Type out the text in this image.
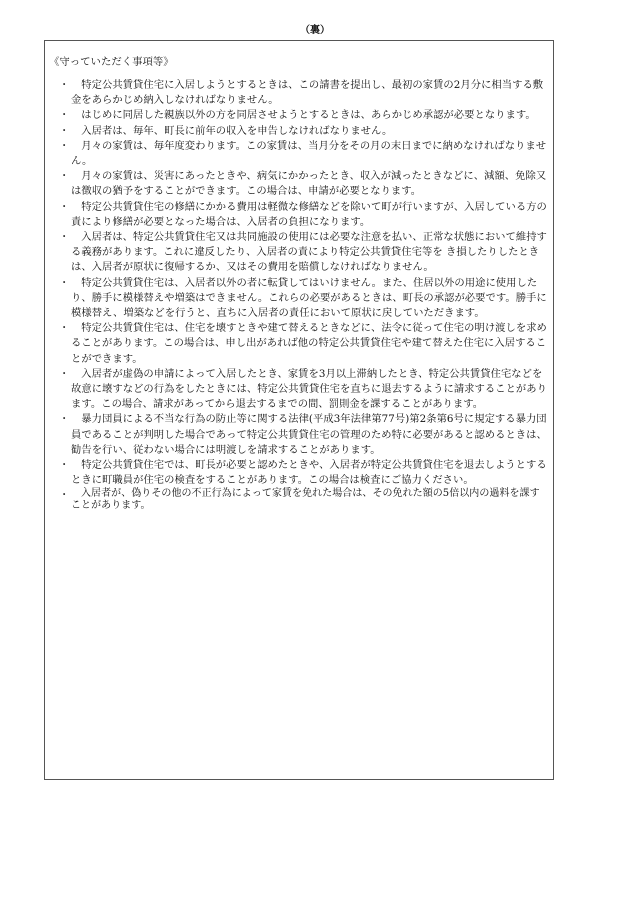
（裏）
《守っていただく事項等》
・	特定公共賃貸住宅に入居しようとするときは、この請書を提出し、最初の家賃の2月分に相当する敷金をあらかじめ納入しなければなりません。
・	はじめに同居した親族以外の方を同居させようとするときは、あらかじめ承認が必要となります。
・	入居者は、毎年、町長に前年の収入を申告しなければなりません。
・	月々の家賃は、毎年度変わります。この家賃は、当月分をその月の末日までに納めなければなりません。
・	月々の家賃は、災害にあったときや、病気にかかったとき、収入が減ったときなどに、減額、免除又は徴収の猶予をすることができます。この場合は、申請が必要となります。
・	特定公共賃貸住宅の修繕にかかる費用は軽微な修繕などを除いて町が行いますが、入居している方の責により修繕が必要となった場合は、入居者の負担になります。
・	入居者は、特定公共賃貸住宅又は共同施設の使用には必要な注意を払い、正常な状態において維持する義務があります。これに違反したり、入居者の責により特定公共賃貸住宅等を き損したりしたときは、入居者が原状に復帰するか、又はその費用を賠償しなければなりません。
・	特定公共賃貸住宅は、入居者以外の者に転貸してはいけません。また、住居以外の用途に使用したり、勝手に模様替えや増築はできません。これらの必要があるときは、町長の承認が必要です。勝手に模様替え、増築などを行うと、直ちに入居者の責任において原状に戻していただきます。
・	特定公共賃貸住宅は、住宅を壊すときや建て替えるときなどに、法令に従って住宅の明け渡しを求めることがあります。この場合は、申し出があれば他の特定公共賃貸住宅や建て替えた住宅に入居することができます。
・	入居者が虚偽の申請によって入居したとき、家賃を3月以上滞納したとき、特定公共賃貸住宅などを故意に壊すなどの行為をしたときには、特定公共賃貸住宅を直ちに退去するように請求することがあります。この場合、請求があってから退去するまでの間、罰則金を課することがあります。
・	暴力団員による不当な行為の防止等に関する法律(平成3年法律第77号)第2条第6号に規定する暴力団員であることが判明した場合であって特定公共賃貸住宅の管理のため特に必要があると認めるときは、勧告を行い、従わない場合には明渡しを請求することがあります。
・	特定公共賃貸住宅では、町長が必要と認めたときや、入居者が特定公共賃貸住宅を退去しようとするときに町職員が住宅の検査をすることがあります。この場合は検査にご協力ください。
・	入居者が、偽りその他の不正行為によって家賃を免れた場合は、その免れた額の5倍以内の過料を課すことがあります。
